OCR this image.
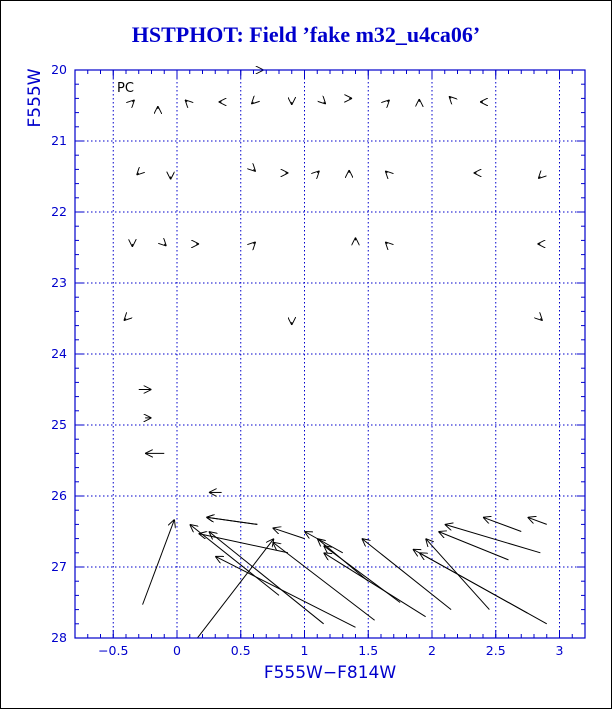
HSTPHOT: Field ’fake m32_u4ca06’
−0.5	0	0.5	1	1.5	2	2.5	3
20
21
22
23
24
25
26
27
28
PC
F555W−F814W
F555W
